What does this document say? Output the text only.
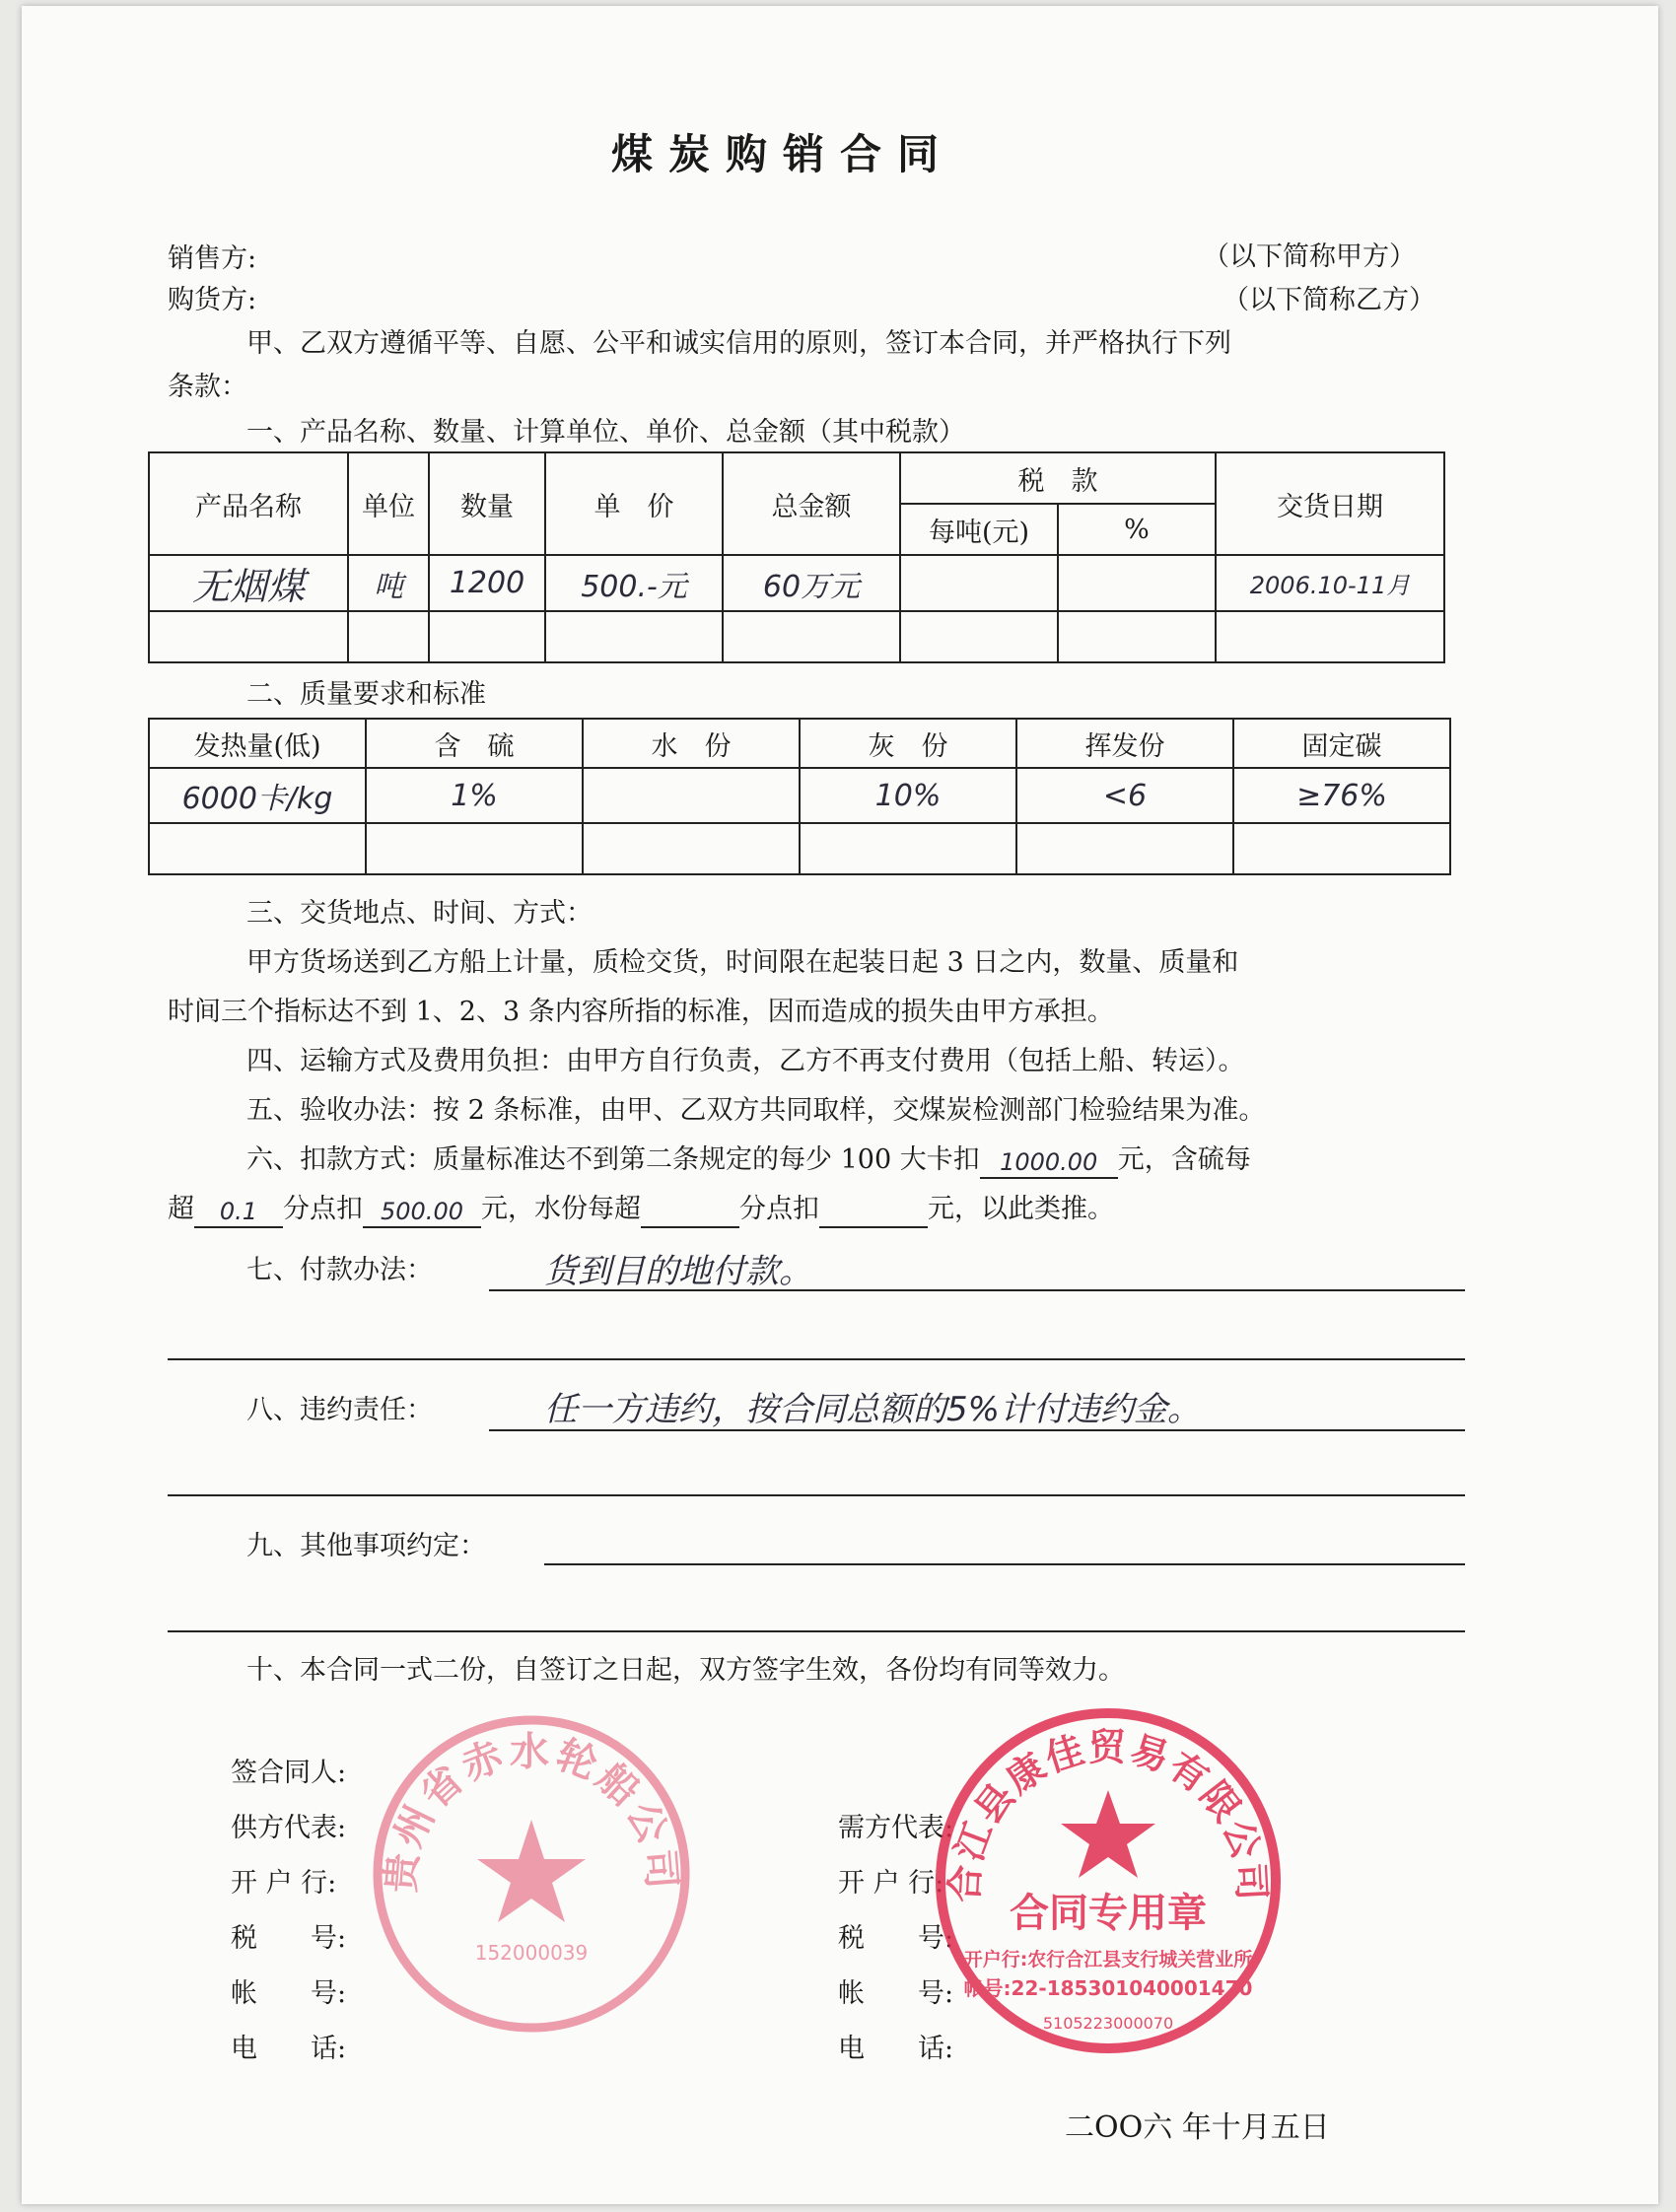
煤炭购销合同
销售方:	（以下简称甲方）
购货方:	（以下简称乙方）
甲、乙双方遵循平等、自愿、公平和诚实信用的原则，签订本合同，并严格执行下列
条款：
一、产品名称、数量、计算单位、单价、总金额（其中税款）
产品名称	单位	数量	单　价	总金额	税　款		交货日期
					每吨(元)	%	
无烟煤	吨	1200	500.-元	60万元			2006.10-11月

二、质量要求和标准
发热量(低)	含　硫	水　份	灰　份	挥发份	固定碳
6000卡/kg	1%		10%	<6	≥76%

三、交货地点、时间、方式：
甲方货场送到乙方船上计量，质检交货，时间限在起装日起 3 日之内，数量、质量和
时间三个指标达不到 1、2、3 条内容所指的标准，因而造成的损失由甲方承担。
四、运输方式及费用负担：由甲方自行负责，乙方不再支付费用（包括上船、转运）。
五、验收办法：按 2 条标准，由甲、乙双方共同取样，交煤炭检测部门检验结果为准。
六、扣款方式：质量标准达不到第二条规定的每少 100 大卡扣 1000.00 元，含硫每
超 0.1 分点扣 500.00 元，水份每超	分点扣	元，以此类推。
七、付款办法：	货到目的地付款。
八、违约责任：	任一方违约，按合同总额的5%计付违约金。
九、其他事项约定：
十、本合同一式二份，自签订之日起，双方签字生效，各份均有同等效力。
签合同人:
供方代表:
开 户 行:
税　　号:
帐　　号:
电　　话:
需方代表:
开 户 行:
税　　号:
帐　　号:
电　　话:
贵州省赤水轮船公司
152000039
合江县康佳贸易有限公司
合同专用章
开户行:农行合江县支行城关营业所
帐号:22-185301040001470
5105223000070
二OO六 年十月五日
